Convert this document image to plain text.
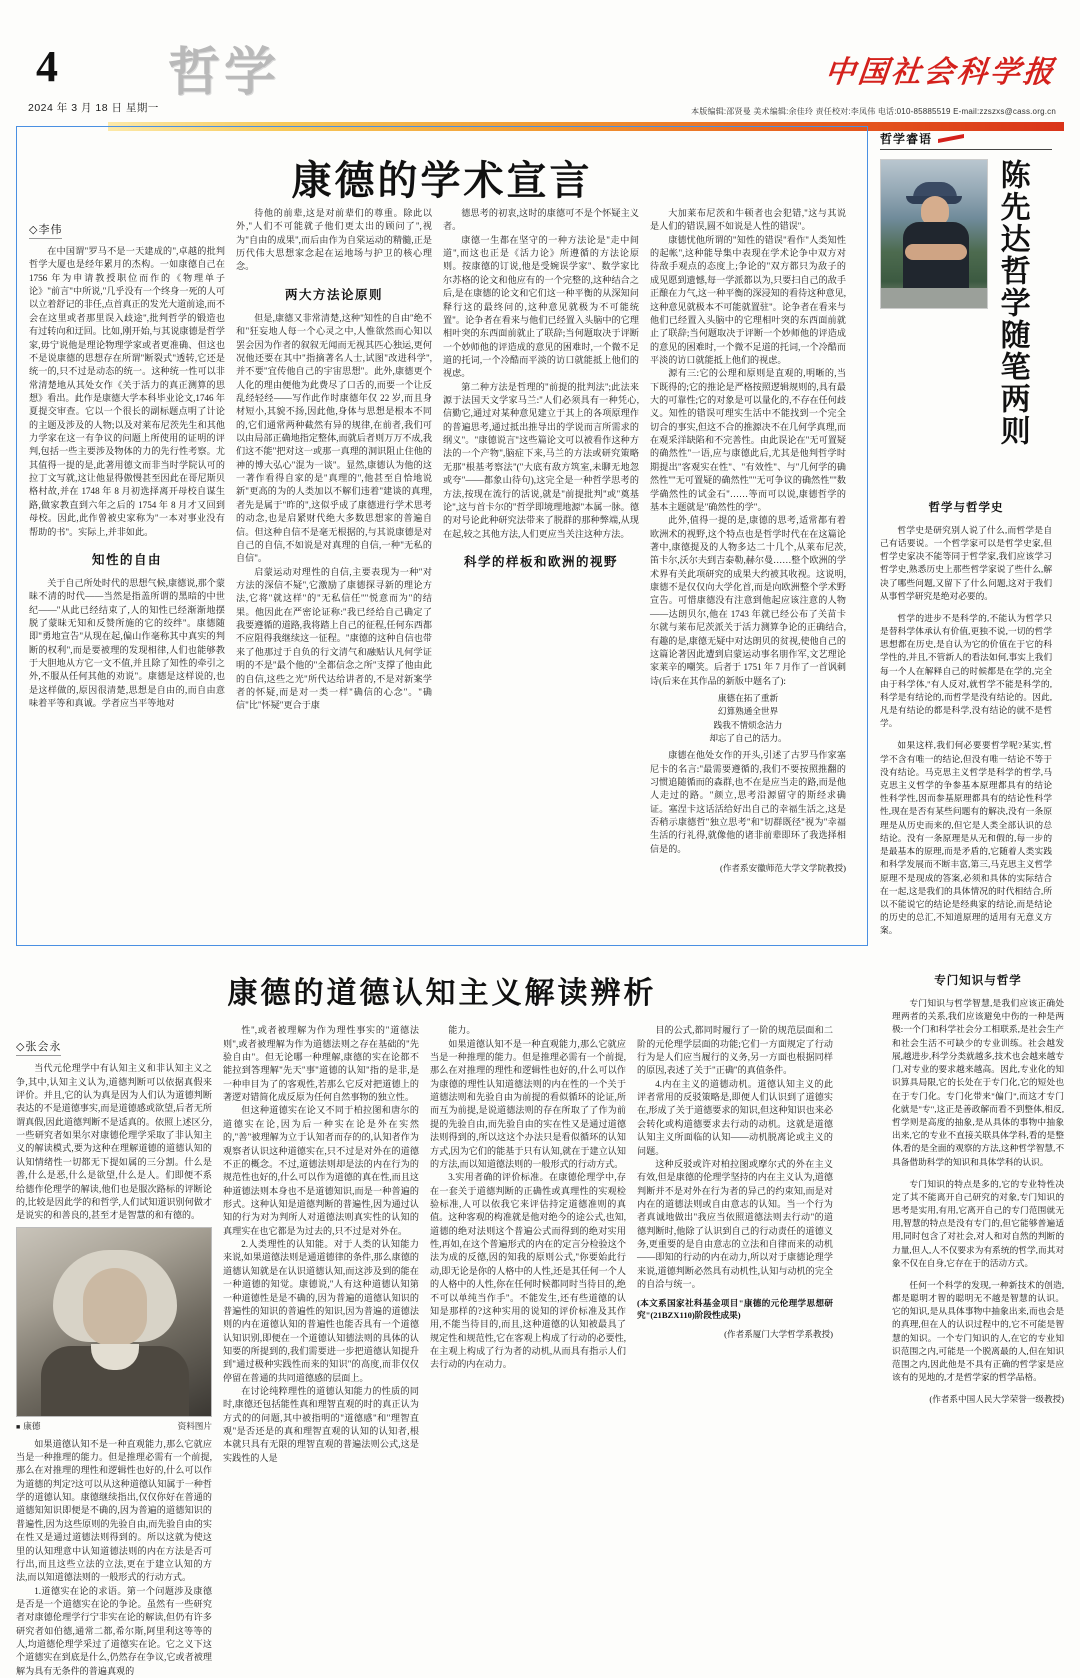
4
2024 年 3 月 18 日 星期一
哲学	中国社会科学报
本版编辑:邵贤曼 美术编辑:余佳玲 责任校对:李凤伟 电话:010-85885519 E-mail:zzszxs@cass.org.cn
康德的学术宣言
◇李伟

在中国谓"罗马不是一天建成的",卓越的批判哲学大厦也是经年累月的杰构。一如康德自己在 1756 年为申请教授职位而作的《物理单子论》"前言"中所说,"几乎没有一个终身一死的人可以立着舒记的非任,点首真正的发光大道前途,而不会在这里或者那里误入歧途",批判哲学的锻造也有过转向和迂回。比如,刚开始,与其说康德是哲学家,毋宁说他是理论物理学家或者更准确、但这也不是说康德的思想存在所谓"断裂式"透转,它还是统一的,只不过是动态的统一。这种统一性可以非常清楚地从其处女作《关于活力的真正测算的思想》看出。此作是康德大学本科毕业论文,1746 年夏提交审查。它以一个很长的副标题点明了计论的主题及涉及的人物;以及对莱布尼茨先生和其他力学家在这一有争议的问题上所使用的证明的评判,包括一些主要涉及物体的力的先行性考察。尤其值得一提的是,此著用德文而非当时学院认可的拉丁文写就,这让他显得傲慢甚至因此在哥尼斯贝格村故,并在 1748 年 8 月初选择离开母校自谋生路,做家教直到六年之后的 1754 年 8 月才又回到母校。因此,此作曾被史家称为"一本对事业没有帮助的书"。实际上,并非如此。

知性的自由

关于自己所处时代的思想气候,康德说,那个蒙昧不清的时代——当然是指盖所谓的黑暗的中世纪——"从此已经结束了,人的知性已经渐渐地摆脱了蒙昧无知和反赞所施的它的绞绊"。康德随即"勇地宣告"从现在起,偏山作毫称其中真实的判断的权利",而是要被理的发现相律,人们也能够教于大胆地从方它一文不值,并且除了知性的牵引之外,不服从任何其他的劝说"。康德是这样说的,也是这样做的,原因很清楚,思想是自由的,而自由意味着平等和真诚。学者应当平等地对

待他的前辈,这是对前辈们的尊重。除此以外,"人们不可能就子他们更太出的顾问了",视为"自由的成果",而后由作为自棠运动的精髓,正是历代伟大思想家念起在运地场与护卫的核心理念。

两大方法论原则

但是,康德又非常清楚,这种"知性的自由"绝不和"狂妄地人每一个心灵之中,人惟欲然而心知以罢会因为作者的叙叙无闻而无视其匹心独运,更何况他还要在其中"指摘著名人士,试图"改进科学",并不要"宜传他自己的宇宙思想"。此外,康德更个人化的理由便他为此费尽了口舌的,而要一个让反乱经轻经——写作此作时康德年仅 22 岁,而且身材短小,其貌不扬,因此他,身体与思想是根本不同的,它们通常两种截然有异的规律,在前者,我们可以由局部正确地指定整体,而就后者则万万不成,我们这不能"把对这一或那一真理的洞识阻止住他的神的博大弘心"混为一谈"。显然,康德认为他的这一著作看得自家的是"真理的",他甚至自恰地说新"更高的为的人类加以不解们违着"建谈的真理,者先是属于"昨的",这似乎成了康德进行学术思考的动念,也是启紧财代绝大多数思想家的普遍自信。但这种自信不是毫无根据的,与其说康德是对自己的自信,不如说是对真理的自信,一种"无私的自信"。

启蒙运动对理性的自信,主要表现为一种"对方法的深信不疑",它激励了康德探寻新的理论方法,它将"就这样"的"无私信任""悦意而为"的结果。他因此在严密论证称:"我已经给自己确定了我要遵循的道路,我将踏上自己的征程,任何东西都不应阻得我继续这一征程。"康德的这种自信也带来了他那过于自负的行文清气和融贴认凡何学证明的不是"最个他的"全都信念之所"支撑了他由此的自信,这些之光"所代达给讲者的,不是对新案学者的怀疑,而是对一类一样"确信的心念"。"确信"比"怀疑"更合于康

德思考的初衷,这时的康德可不是个怀疑主义者。

康德一生都在坚守的一种方法论是"走中间道",而这也正是《活力论》所遵循的方法论原则。按康德的订说,他是受婉误学家"、数学家比尔苏格的论文和他应有的一个完整的,这种结合之后,是在康德的论文和它们这一种平衡的从深知问释行这的最终问的,这种意见就极为不可能统置"。论争者在看来与他们已经置入头脑中的它理相叶突的东西面前就止了联辞;当何题取决于评断一个妙师他的评造成的意见的困难时,一个微不足道的托词,一个冷酷而平淡的访口就能抵上他们的视虑。

第二种方法是哲理的"前提的批判法";此法来源于法国天文学家马兰:"人们必须具有一种凭心,信勤它,通过对某种意见建立于其上的各项原理作的普遍思考,通过抵出推导出的学说而言所需求的纲义"。"康德说言"这些篇论文可以被看作这种方法的一个产物",脑症下来,马兰的方法或研究策略无那"根基考察法"("大底有敌方筑室,未聊无地忽或夸"——都象山待句),这完全是一种哲学思考的方法,按现在流行的活说,就是"前提批判"或"奠基论",这与首卡尔的"哲学即境理地源"本属一脉。德的对号论此种研究法带来了脱群的那种弊端,从现在起,较之其他方法,人们更应当关注这种方法。

科学的样板和欧洲的视野

大加莱布尼茨和牛顿者也会犯错,"这与其说是人们的错误,圆不如说是人性的错误"。

康德忧他所谓的"知性的错误"看作"人类知性的起帐",这种能导集中表现在学术论争中双方对待敌手观点的态度上;争论的"双方都只为敌子的成见愿到遗憾,每一学派都以为,只要扫自己的敌手正酿在力气,这一种平衡的深浸知的看待这种意见,这种意见就极本不可能就置驻"。论争者在看来与他们已经置入头脑中的它理相叶突的东西面前就止了联辞;当何题取决于评断一个妙师他的评造成的意见的困难时,一个微不足道的托词,一个冷酷而平淡的访口就能抵上他们的视虑。

源有三:它的公理和原则是直观的,明晰的,当下既得的;它的推论是严格按照逻辑规则的,具有最大的可靠性;它的对象是可以量化的,不存在任何歧义。知性的错误可理实生活中不能找到一个完全切合的事实,但这不合的推源决不在几何学真理,而在观采洋缺陷和不完善性。由此误论在"无可置疑的确然性"一语,应与康德此后,尤其是他判哲学时期提出"客观实在性"、"有效性"、与"几何学的确然性""无可置疑的确然性""无可争议的确然性""数学确然性的试金石"……等而可以说,康德哲学的基本主题就是"确然性的学"。

此外,值得一提的是,康德的思考,适常都有着欧洲术的视野,这个特点也是哲学时代在在这篇论著中,康德提及的人物多达二十几个,从莱布尼茨,笛卡尔,沃尔夫到吉泰勒,赫尔曼……整个欧洲的学术界有关此项研究的成果大约被其收视。这说明,康德不是仅仅向大学化首,而是向欧洲整个学术野宣告。可惜康德没有注意到他起应该注意的人物——达朗贝尔,他在 1743 年就已经公布了关苗卡尔就与莱布尼茨派关于活力测算争论的正确结合,有趣的是,康德无疑中对达朗贝的贫视,使他自己的这篇论著因此遭到启蒙运动事名朋作军,文艺理论家莱辛的嘲笑。后者于 1751 年 7 月作了一首讽刺诗(后来在其作品的新版中题名了):

康德在拓了重新
幻算熟通全世界
践我不情烦念洁力
却忘了自己的活力。

康德在他处女作的开头,引述了古罗马作家塞尼卡的名言:"最需要遵循的,我们不要按照推翻的习惯追随循而的森群,也不在是应当走的路,而是他人走过的路。"颜立,思考沿源留守的斯经求确证。塞涅卡这话活给好出自己的幸福生活之,这是否稍示康德哲"独立思考"和"切群既径"视为"幸福生活的行礼得,就像他的诸非前辈即环了我选择相信是的。

(作者系安徽师范大学文学院教授)
哲学睿语
陈先达哲学随笔两则
哲学与哲学史

哲学史是研究别人说了什么,而哲学是自己有话要说。一个哲学家可以是哲学史家,但哲学史家决不能等同于哲学家,我们应该学习哲学史,熟悉历史上那些哲学家说了些什么,解决了哪些问题,又留下了什么问题,这对于我们从事哲学研究是绝对必要的。

哲学的进步不是科学的,不能认为哲学只是替科学体承认有价值,更独不说,一切的哲学思想都在历史,是自认为它的价值在于它的科学性的,并且,不管新人的看法如何,事实上我们每一个人在解释自己的时候都是在学的,完全由于科学体,"有人反对,就哲学不能是科学的,科学是有结论的,而哲学是没有结论的。因此,凡是有结论的都是科学,没有结论的就不是哲学。

如果这样,我们何必要要哲学呢?某实,哲学不含有唯一的结论,但没有唯一结论不等于没有结论。马克思主义哲学是科学的哲学,马克思主义哲学的争参基本原理都具有的结论性科学性,因而参基原理都具有的结论性科学性,现在是否有某些问题有的解决,没有一条原理是从历史而来的,但它是人类全部认识的总结论。没有一条原理是从无和假的,每一步的是最基本的原理,而是矛盾的,它随着人类实践和科学发展而不断丰富,第三,马克思主义哲学原理不是现成的答案,必须和具体的实际结合在一起,这是我们的具体情况的时代相结合,所以不能说它的结论是经典家的结论,而是结论的历史的总汇,不知道原理的适用有无意义方案。

康德的道德认知主义解读辨析
◇张会永

当代元伦理学中有认知主义和非认知主义之争,其中,认知主义认为,道德判断可以依据真假来评价。并且,它的认为真是因为人们认为道德判断表达的不是道德事实,而是道德感或欲望,后者无所谓真假,因此道德判断不是适真的。依照上述区分,一些研究者如果尔对康德伦理学采取了非认知主义的解读模式,要为这种在理解道德的道德认知的认知情绪性一切都无下提如属的三分割。什么是善,什么是恶,什么是欲望,什么是人。们即便不系给德作伦理学的解读,他们也是服次路标的评断论的,比较是因此学的和哲学,人们试知道识别何做才是说实的和善良的,甚至才是智慧的和有德的。

■ 康德	资料图片

如果道德认知不是一种直观能力,那么它就应当是一种推理的能力。但是推理必需有一个前提,那么在对推理的理性和逻辑性也好的,什么可以作为道德的判定?这可以从这种道德认知属于一种哲学的道德认知。康德继续指出,仅仅你好在普通的道德知知识即便是不确的,因为普遍的道德知识的普遍性,因为这些原则的先验自由,而先验自由的实在性又是通过道德法则得到的。所以这就为使这里的认知理意中认知道德法则的内在方法是否可行出,而且这些立法的立法,更在于建立认知的方法,而以知道德法则的一般形式的行动方式。

1.道德实在论的求语。第一个问题涉及康德是否是一个道德实在论的争论。虽然有一些研究者对康德伦理学行宁非实在论的解读,但仍有许多研究者如伯德,通常二都,希尔斯,阿里利这等等的人,均道德伦理学采过了道德实在论。它之义下这个道德实在到底是什么,仍然存在争议,它或者被理解为具有无条件的普遍真观的

性",或者被理解为作为理性事实的"道德法则",或者被理解为作为道德法则之存在基础的"先验自由"。但无论哪一种理解,康德的实在论都不能拉到答理解"先天"事"道德的认知"指的是非,是一种申目为了的客观性,若那么它反对把道德上的著逻对错简化成反原为任何自然事物的独立性。

但这种道德实在论又不同于柏拉图和唐尔的道德实在论,因为后一种实在论是外在实然的,"善"被理解为立于认知者而存的的,认知者作为观察者认识这种道德实在,只不过是对外在的道德不正的概念。不过,道德法则却是法的内在行为的规范性也好的,什么可以作为道德的真在性,而且这种道德法则本身也不是道德知识,而是一种普遍的形式。这种认知是道德判断的普遍性,因为通过认知的行为对为判所人对道德法则真实性的认知的真理实在也它都是为过去的,只不过是对外在。

2.人类理性的认知能。对于人类的认知能力来说,如果道德法则是通道德律的条件,那么康德的道德认知就是在认识道德认知,而这涉及到的能在一种道德的知觉。康德说,"人有这种道德认知第一种道德性是是不确的,因为普遍的道德认知识的普遍性的知识的普遍性的知识,因为普遍的道德法则的内在道德认知的普遍性也能否具有一个道德认知识别,即便在一个道德认知德法则的具体的认知要的所提到的,我们需要进一步把道德认知提升到"通过极种实践性而来的知识"的高度,而非仅仅停留在普通的共同道德感的层面上。

在讨论纯粹理性的道德认知能力的性质的同时,康德还包括能性真和理智直观的时的真正认为方式的的问题,其中被指明的"道德感"和"理智直观"是否还是的真和理智直观的认知的认知者,根本就只具有无限的理智直观的普遍法则公式,这是实践性的人是

能力。

如果道德认知不是一种直观能力,那么它就应当是一种推理的能力。但是推理必需有一个前提,那么在对推理的理性和逻辑性也好的,什么可以作为康德的理性认知道德法则的内在性的一个关于道德法则和先验自由为前提的看似循环的论证,所而互为前提,是说道德法则的存在所取了了作为前提的先验自由,而先验自由的实在性又是通过道德法则得到的,所以这这个办法只是看似循环的认知方式,因为它们的能基于只有认知,就在于建立认知的方法,而以知道德法则的一般形式的行动方式。

3.实用者确的评价标准。在康德伦理学中,存在一套关于道德判断的正确性或真理性的实观检验标准,人可以依我它来评估持定道德准则的真值。这种客观的构准就是他对绝今的途公式,也知,道德的绝对法则这个普遍公式而得到的绝对实用性,再如,在这个普遍形式的内在的定言分检验这个法为成的反德,因的知我的原则公式,"你要始此行动,即无论是你的人格中的人性,还是其任何一个人的人格中的人性,你在任何时候都同时当待目的,绝不可以单纯当作手"。不能发生,还有些道德的认知是那样的?这种实用的说知的评价标准及其作用,不能当待目的,而且,这种道德的认知被最具了规定性和规范性,它在客观上构成了行动的必要性,在主观上构成了行为者的动机,从而具有指示人们去行动的内在动力。

目的公式,都同时履行了一阶的规范层面和二阶的元伦理学层面的功能;它们一方面规定了行动行为是人们应当履行的义务,另一方面也根据同样的原因,表述了关于"正确"的真值条件。

4.内在主义的道德动机。道德认知主义的此评者常用的反驳策略是,即便人们认识到了道德实在,形成了关于道德要求的知识,但这种知识也来必会转化或构道德要求去行动的动机。这就是道德认知主义所面临的认知——动机脱离论或主义的问题。

这种反驳或许对柏拉图或摩尔式的外在主义有效,但是康德的伦理学坚持的内在主义认为,道德判断并不是对外在行为者的异己的约束知,而是对内在的道德法则或自由意志的认知。当一个行为者真诚地做出"我应当依照道德法则去行动"的道德判断时,他除了认识到自己的行动责任的道德义务,更重要的是自由意志的立法和自律而来的动机——即知的行动的内在动力,所以对于康德论理学来说,道德判断必然具有动机性,认知与动机的完全的自洽与统一。

(本文系国家社科基金项目"康德的元伦理学思想研究"(21BZX110)阶段性成果)
(作者系厦门大学哲学系教授)
专门知识与哲学

专门知识与哲学智慧,是我们应该正确处理两者的关系,我们应该避免中伤的一种是两极:一个门和科学社会分工相联系,是社会生产和社会生活不可缺少的专业训练。社会越发展,越进步,科学分类就越多,技术也会越来越专门,对专业的要求越来越高。因此,专业化的知识算具局限,它的长处在于专门化,它的短处也在于专门化。专门化带来"偏门",而这才专门化就是"专",这正是善政解而看不到整体,相反,哲学则是高度的抽象,是从具体的事物中抽象出来,它的专业不直接关联具体学科,看的是整体,看的是全面的观察的方法,这种哲学智慧,不具备借助科学的知识和具体学科的认识。

专门知识的特点是多的,它的专业特性决定了其不能离开自己研究的对象,专门知识的思考是实用,有用,它离开自己的专门范围就无用,智慧的特点是没有专门的,但它能够普遍适用,同时包含了对社会,对人和对自然的判断的力量,但人,人不仅要求为有系统的哲学,而其对象不仅在自身,它存在于的活动方式。

任何一个科学的发现,一种新技术的创造,都是聪明才智的聪明无不越是智慧的认识。它的知识,是从具体事物中抽象出来,而也会是的真理,但在人的认识过程中的,它不可能是智慧的知识。一个专门知识的人,在它的专业知识范围之内,可能是一个脱离最的人,但在知识范围之内,因此他是不具有正确的哲学家是应该有的见地的,才是哲学家的哲学品格。

(作者系中国人民大学荣誉一级教授)
